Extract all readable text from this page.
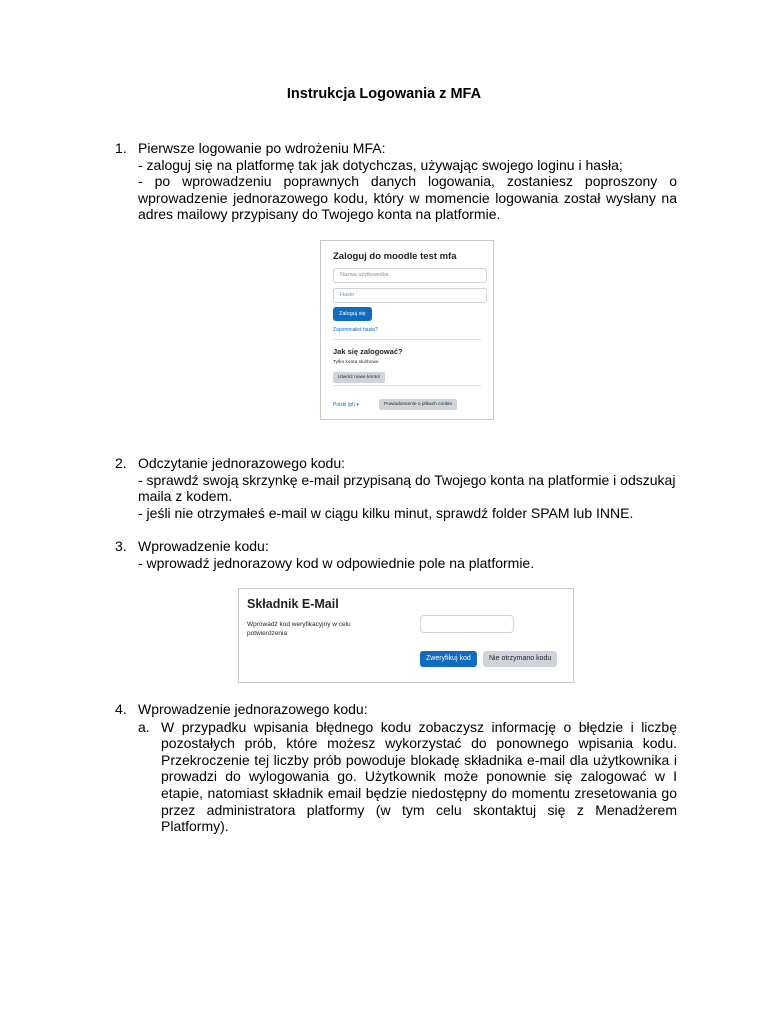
Instrukcja Logowania z MFA
1. Pierwsze logowanie po wdrożeniu MFA:
- zaloguj się na platformę tak jak dotychczas, używając swojego loginu i hasła;
- po wprowadzeniu poprawnych danych logowania, zostaniesz poproszony o wprowadzenie jednorazowego kodu, który w momencie logowania został wysłany na adres mailowy przypisany do Twojego konta na platformie.
Zaloguj do moodle test mfa
Nazwa użytkownika
Hasło
Zaloguj się
Zapomniałeś hasła?
Jak się zalogować?
Tylko konta służbowe
Utwórz nowe konto!
Polski (pl) ▾	Powiadomienie o plikach cookie
2. Odczytanie jednorazowego kodu:
- sprawdź swoją skrzynkę e-mail przypisaną do Twojego konta na platformie i odszukaj maila z kodem.
- jeśli nie otrzymałeś e-mail w ciągu kilku minut, sprawdź folder SPAM lub INNE.
3. Wprowadzenie kodu:
- wprowadź jednorazowy kod w odpowiednie pole na platformie.
Składnik E-Mail
Wprowadź kod weryfikacyjny w celu potwierdzenia
Zweryfikuj kod	Nie otrzymano kodu
4. Wprowadzenie jednorazowego kodu:
a. W przypadku wpisania błędnego kodu zobaczysz informację o błędzie i liczbę pozostałych prób, które możesz wykorzystać do ponownego wpisania kodu. Przekroczenie tej liczby prób powoduje blokadę składnika e-mail dla użytkownika i prowadzi do wylogowania go. Użytkownik może ponownie się zalogować w I etapie, natomiast składnik email będzie niedostępny do momentu zresetowania go przez administratora platformy (w tym celu skontaktuj się z Menadżerem Platformy).
